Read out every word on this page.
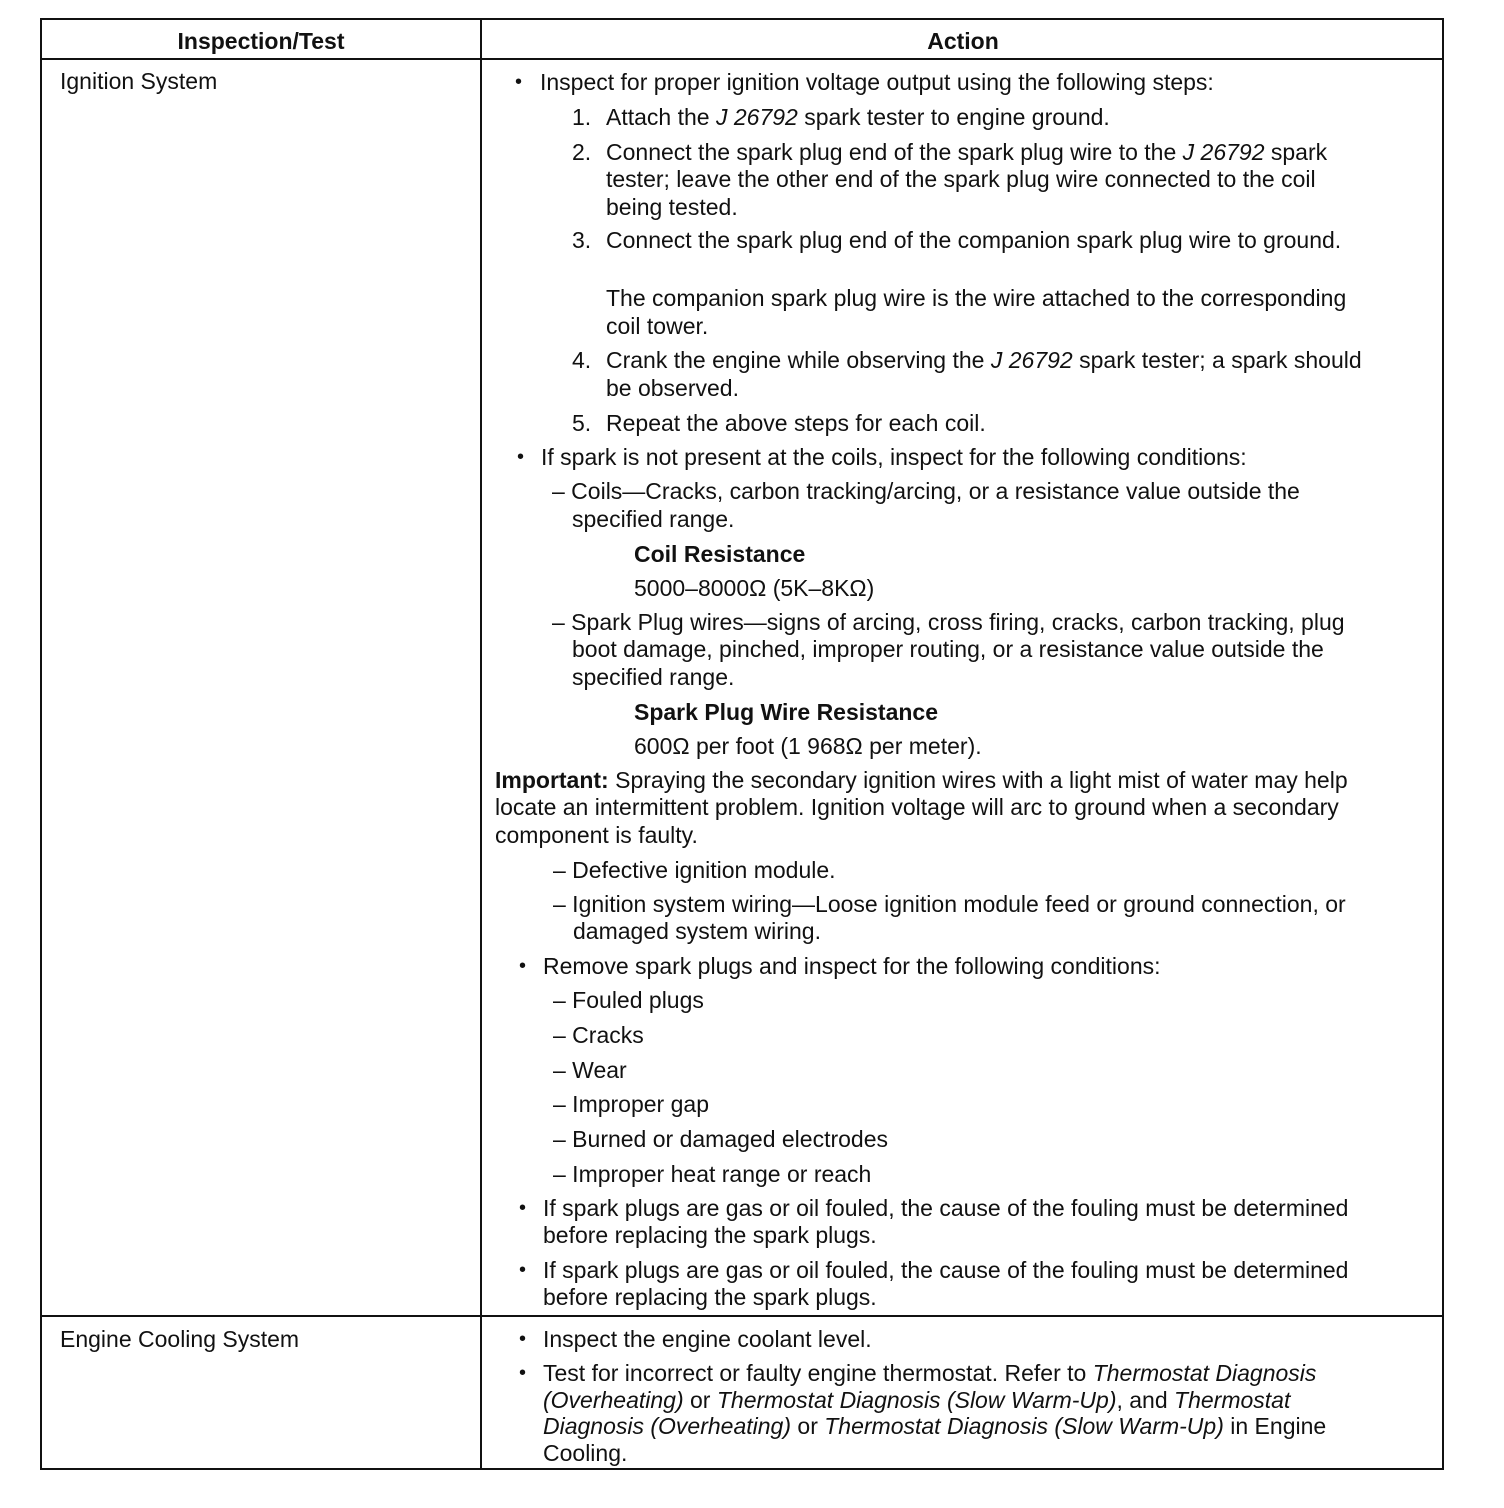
Inspection/Test	Action
Ignition System
Engine Cooling System
• Inspect for proper ignition voltage output using the following steps:
1. Attach the J 26792 spark tester to engine ground.
2. Connect the spark plug end of the spark plug wire to the J 26792 spark
tester; leave the other end of the spark plug wire connected to the coil
being tested.
3. Connect the spark plug end of the companion spark plug wire to ground.
The companion spark plug wire is the wire attached to the corresponding
coil tower.
4. Crank the engine while observing the J 26792 spark tester; a spark should
be observed.
5. Repeat the above steps for each coil.
• If spark is not present at the coils, inspect for the following conditions:
– Coils—Cracks, carbon tracking/arcing, or a resistance value outside the
specified range.
Coil Resistance
5000–8000Ω (5K–8KΩ)
– Spark Plug wires—signs of arcing, cross firing, cracks, carbon tracking, plug
boot damage, pinched, improper routing, or a resistance value outside the
specified range.
Spark Plug Wire Resistance
600Ω per foot (1 968Ω per meter).
Important: Spraying the secondary ignition wires with a light mist of water may help
locate an intermittent problem. Ignition voltage will arc to ground when a secondary
component is faulty.
– Defective ignition module.
– Ignition system wiring—Loose ignition module feed or ground connection, or
damaged system wiring.
• Remove spark plugs and inspect for the following conditions:
– Fouled plugs
– Cracks
– Wear
– Improper gap
– Burned or damaged electrodes
– Improper heat range or reach
• If spark plugs are gas or oil fouled, the cause of the fouling must be determined
before replacing the spark plugs.
• If spark plugs are gas or oil fouled, the cause of the fouling must be determined
before replacing the spark plugs.
• Inspect the engine coolant level.
• Test for incorrect or faulty engine thermostat. Refer to Thermostat Diagnosis
(Overheating) or Thermostat Diagnosis (Slow Warm-Up), and Thermostat
Diagnosis (Overheating) or Thermostat Diagnosis (Slow Warm-Up) in Engine
Cooling.
